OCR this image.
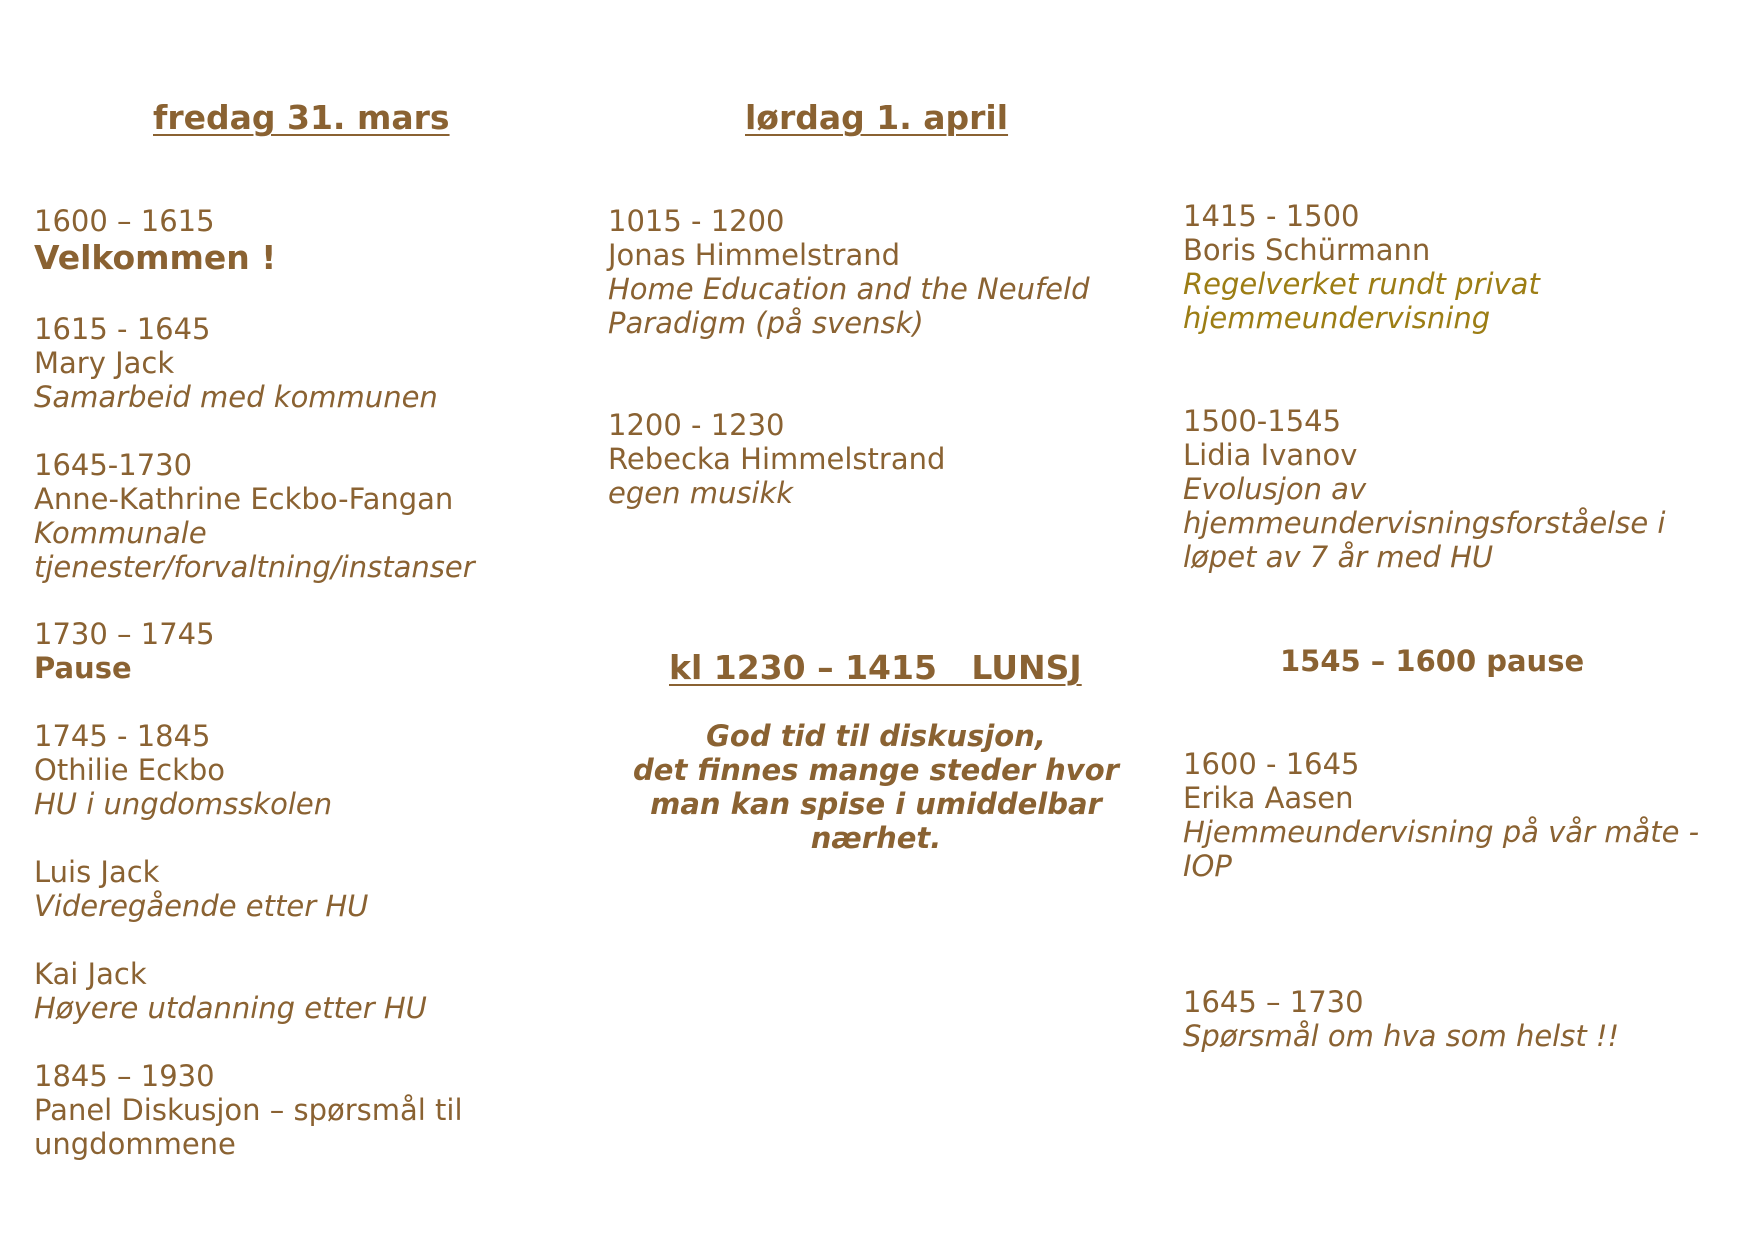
fredag 31. mars	lørdag 1. april
1600 – 1615
Velkommen !
1615 - 1645
Mary Jack
Samarbeid med kommunen
1645-1730
Anne-Kathrine Eckbo-Fangan
Kommunale
tjenester/forvaltning/instanser
1730 – 1745
Pause
1745 - 1845
Othilie Eckbo
HU i ungdomsskolen
Luis Jack
Videregående etter HU
Kai Jack
Høyere utdanning etter HU
1845 – 1930
Panel Diskusjon – spørsmål til
ungdommene
1015 - 1200
Jonas Himmelstrand
Home Education and the Neufeld
Paradigm (på svensk)
1200 - 1230
Rebecka Himmelstrand
egen musikk
kl 1230 – 1415   LUNSJ
God tid til diskusjon,
det finnes mange steder hvor
man kan spise i umiddelbar
nærhet.
1415 - 1500
Boris Schürmann
Regelverket rundt privat
hjemmeundervisning
1500-1545
Lidia Ivanov
Evolusjon av
hjemmeundervisningsforståelse i
løpet av 7 år med HU
1545 – 1600 pause
1600 - 1645
Erika Aasen
Hjemmeundervisning på vår måte -
IOP
1645 – 1730
Spørsmål om hva som helst !!
